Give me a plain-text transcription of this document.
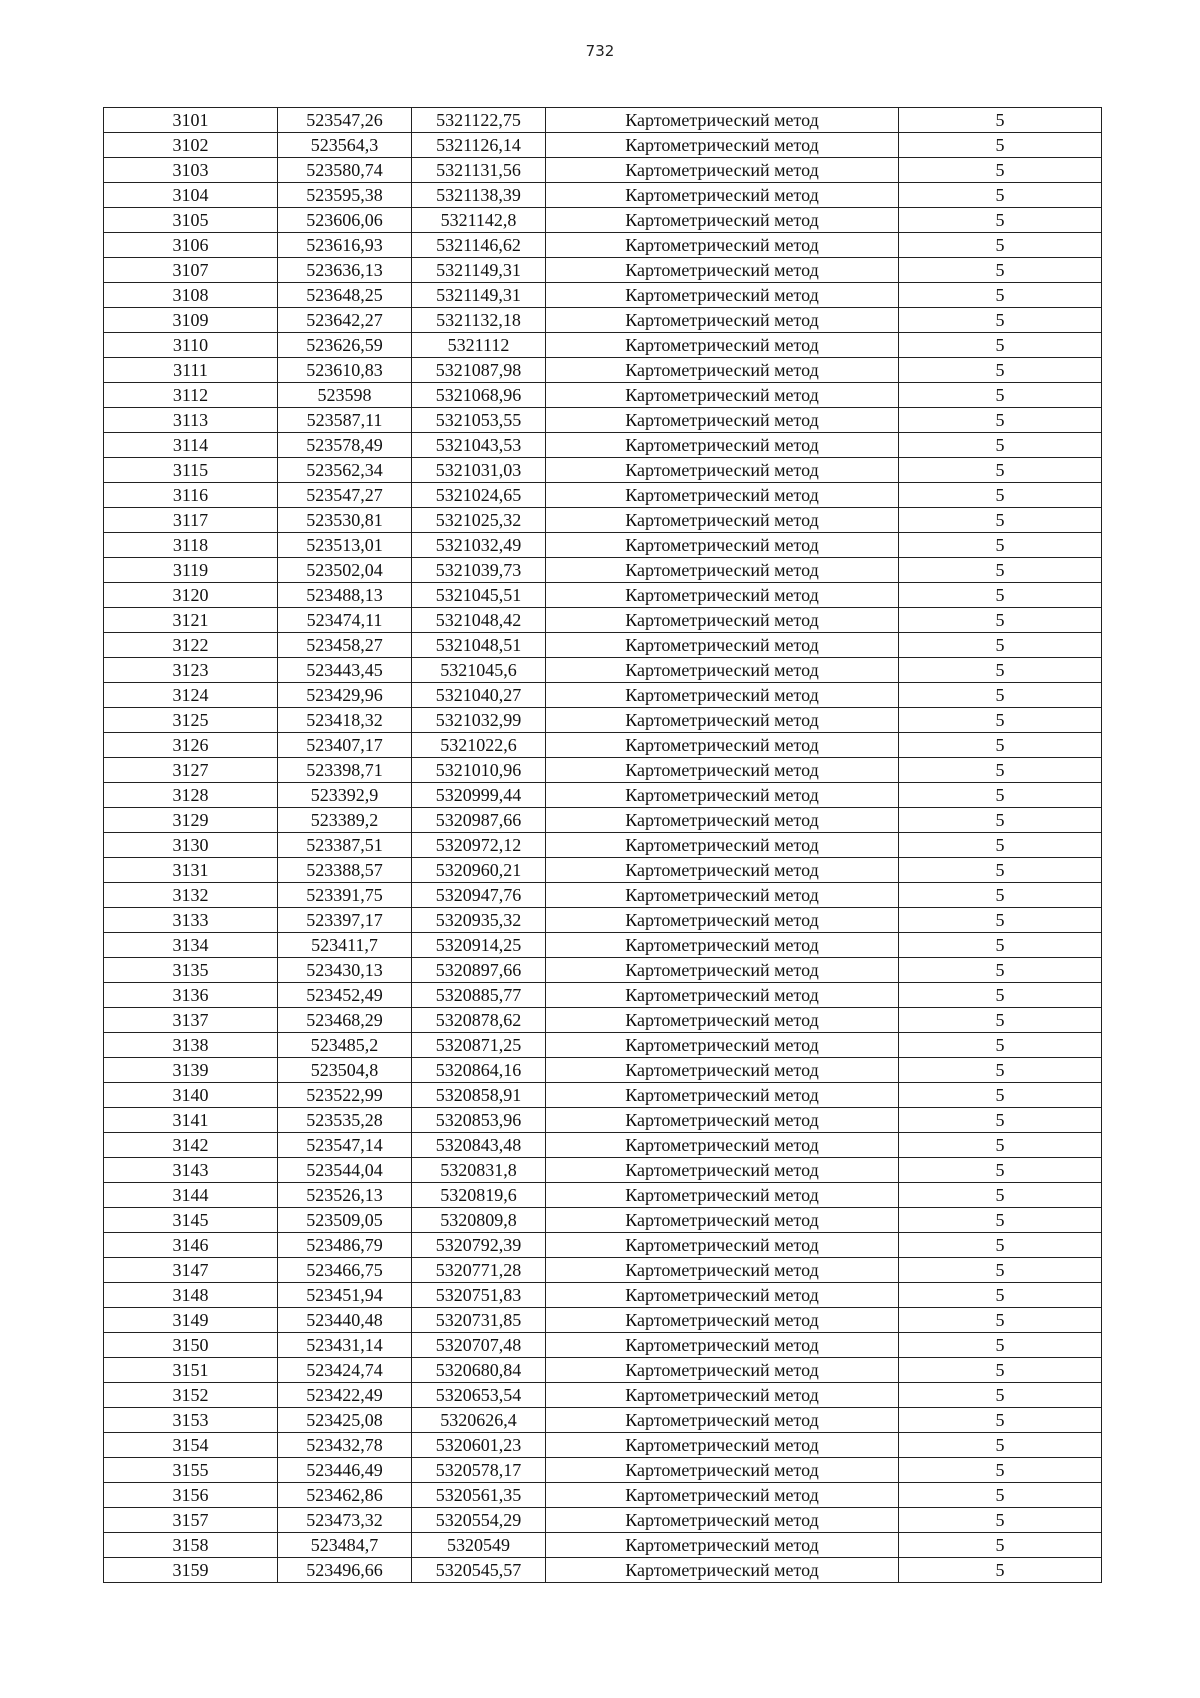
732
3101	523547,26	5321122,75	Картометрический метод	5
3102	523564,3	5321126,14	Картометрический метод	5
3103	523580,74	5321131,56	Картометрический метод	5
3104	523595,38	5321138,39	Картометрический метод	5
3105	523606,06	5321142,8	Картометрический метод	5
3106	523616,93	5321146,62	Картометрический метод	5
3107	523636,13	5321149,31	Картометрический метод	5
3108	523648,25	5321149,31	Картометрический метод	5
3109	523642,27	5321132,18	Картометрический метод	5
3110	523626,59	5321112	Картометрический метод	5
3111	523610,83	5321087,98	Картометрический метод	5
3112	523598	5321068,96	Картометрический метод	5
3113	523587,11	5321053,55	Картометрический метод	5
3114	523578,49	5321043,53	Картометрический метод	5
3115	523562,34	5321031,03	Картометрический метод	5
3116	523547,27	5321024,65	Картометрический метод	5
3117	523530,81	5321025,32	Картометрический метод	5
3118	523513,01	5321032,49	Картометрический метод	5
3119	523502,04	5321039,73	Картометрический метод	5
3120	523488,13	5321045,51	Картометрический метод	5
3121	523474,11	5321048,42	Картометрический метод	5
3122	523458,27	5321048,51	Картометрический метод	5
3123	523443,45	5321045,6	Картометрический метод	5
3124	523429,96	5321040,27	Картометрический метод	5
3125	523418,32	5321032,99	Картометрический метод	5
3126	523407,17	5321022,6	Картометрический метод	5
3127	523398,71	5321010,96	Картометрический метод	5
3128	523392,9	5320999,44	Картометрический метод	5
3129	523389,2	5320987,66	Картометрический метод	5
3130	523387,51	5320972,12	Картометрический метод	5
3131	523388,57	5320960,21	Картометрический метод	5
3132	523391,75	5320947,76	Картометрический метод	5
3133	523397,17	5320935,32	Картометрический метод	5
3134	523411,7	5320914,25	Картометрический метод	5
3135	523430,13	5320897,66	Картометрический метод	5
3136	523452,49	5320885,77	Картометрический метод	5
3137	523468,29	5320878,62	Картометрический метод	5
3138	523485,2	5320871,25	Картометрический метод	5
3139	523504,8	5320864,16	Картометрический метод	5
3140	523522,99	5320858,91	Картометрический метод	5
3141	523535,28	5320853,96	Картометрический метод	5
3142	523547,14	5320843,48	Картометрический метод	5
3143	523544,04	5320831,8	Картометрический метод	5
3144	523526,13	5320819,6	Картометрический метод	5
3145	523509,05	5320809,8	Картометрический метод	5
3146	523486,79	5320792,39	Картометрический метод	5
3147	523466,75	5320771,28	Картометрический метод	5
3148	523451,94	5320751,83	Картометрический метод	5
3149	523440,48	5320731,85	Картометрический метод	5
3150	523431,14	5320707,48	Картометрический метод	5
3151	523424,74	5320680,84	Картометрический метод	5
3152	523422,49	5320653,54	Картометрический метод	5
3153	523425,08	5320626,4	Картометрический метод	5
3154	523432,78	5320601,23	Картометрический метод	5
3155	523446,49	5320578,17	Картометрический метод	5
3156	523462,86	5320561,35	Картометрический метод	5
3157	523473,32	5320554,29	Картометрический метод	5
3158	523484,7	5320549	Картометрический метод	5
3159	523496,66	5320545,57	Картометрический метод	5
